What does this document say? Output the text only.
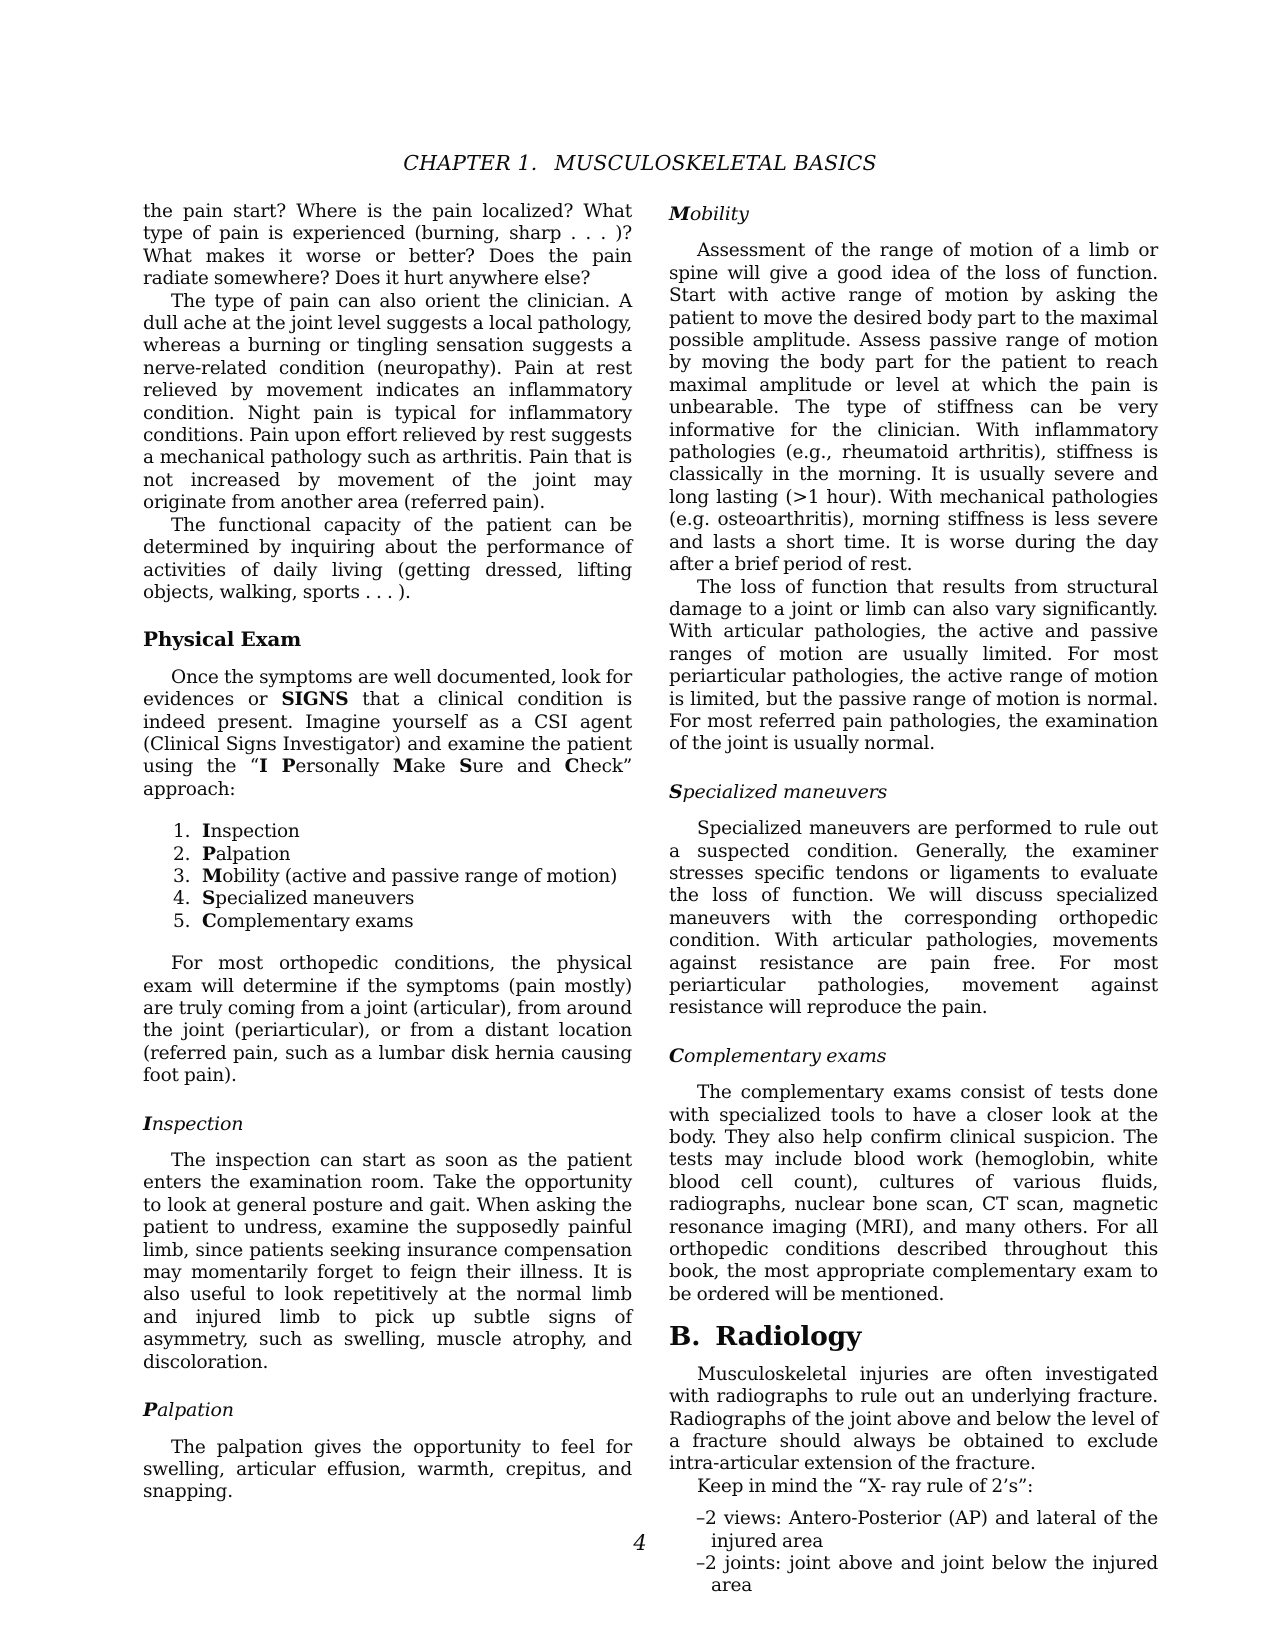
CHAPTER 1. MUSCULOSKELETAL BASICS

the pain start? Where is the pain localized? What type of pain is experienced (burning, sharp . . . )? What makes it worse or better? Does the pain radiate somewhere? Does it hurt anywhere else?

The type of pain can also orient the clinician. A dull ache at the joint level suggests a local pathology, whereas a burning or tingling sensation suggests a nerve-related condition (neuropathy). Pain at rest relieved by movement indicates an inflammatory condition. Night pain is typical for inflammatory conditions. Pain upon effort relieved by rest suggests a mechanical pathology such as arthritis. Pain that is not increased by movement of the joint may originate from another area (referred pain).

The functional capacity of the patient can be determined by inquiring about the performance of activities of daily living (getting dressed, lifting objects, walking, sports . . . ).

Physical Exam

Once the symptoms are well documented, look for evidences or SIGNS that a clinical condition is indeed present. Imagine yourself as a CSI agent (Clinical Signs Investigator) and examine the patient using the “I Personally Make Sure and Check” approach:

1. Inspection
2. Palpation
3. Mobility (active and passive range of motion)
4. Specialized maneuvers
5. Complementary exams

For most orthopedic conditions, the physical exam will determine if the symptoms (pain mostly) are truly coming from a joint (articular), from around the joint (periarticular), or from a distant location (referred pain, such as a lumbar disk hernia causing foot pain).

Inspection

The inspection can start as soon as the patient enters the examination room. Take the opportunity to look at general posture and gait. When asking the patient to undress, examine the supposedly painful limb, since patients seeking insurance compensation may momentarily forget to feign their illness. It is also useful to look repetitively at the normal limb and injured limb to pick up subtle signs of asymmetry, such as swelling, muscle atrophy, and discoloration.

Palpation

The palpation gives the opportunity to feel for swelling, articular effusion, warmth, crepitus, and snapping.

Mobility

Assessment of the range of motion of a limb or spine will give a good idea of the loss of function. Start with active range of motion by asking the patient to move the desired body part to the maximal possible amplitude. Assess passive range of motion by moving the body part for the patient to reach maximal amplitude or level at which the pain is unbearable. The type of stiffness can be very informative for the clinician. With inflammatory pathologies (e.g., rheumatoid arthritis), stiffness is classically in the morning. It is usually severe and long lasting (>1 hour). With mechanical pathologies (e.g. osteoarthritis), morning stiffness is less severe and lasts a short time. It is worse during the day after a brief period of rest.

The loss of function that results from structural damage to a joint or limb can also vary significantly. With articular pathologies, the active and passive ranges of motion are usually limited. For most periarticular pathologies, the active range of motion is limited, but the passive range of motion is normal. For most referred pain pathologies, the examination of the joint is usually normal.

Specialized maneuvers

Specialized maneuvers are performed to rule out a suspected condition. Generally, the examiner stresses specific tendons or ligaments to evaluate the loss of function. We will discuss specialized maneuvers with the corresponding orthopedic condition. With articular pathologies, movements against resistance are pain free. For most periarticular pathologies, movement against resistance will reproduce the pain.

Complementary exams

The complementary exams consist of tests done with specialized tools to have a closer look at the body. They also help confirm clinical suspicion. The tests may include blood work (hemoglobin, white blood cell count), cultures of various fluids, radiographs, nuclear bone scan, CT scan, magnetic resonance imaging (MRI), and many others. For all orthopedic conditions described throughout this book, the most appropriate complementary exam to be ordered will be mentioned.

B. Radiology

Musculoskeletal injuries are often investigated with radiographs to rule out an underlying fracture. Radiographs of the joint above and below the level of a fracture should always be obtained to exclude intra-articular extension of the fracture.

Keep in mind the “X- ray rule of 2’s”:

–2 views: Antero-Posterior (AP) and lateral of the injured area
–2 joints: joint above and joint below the injured area
4
